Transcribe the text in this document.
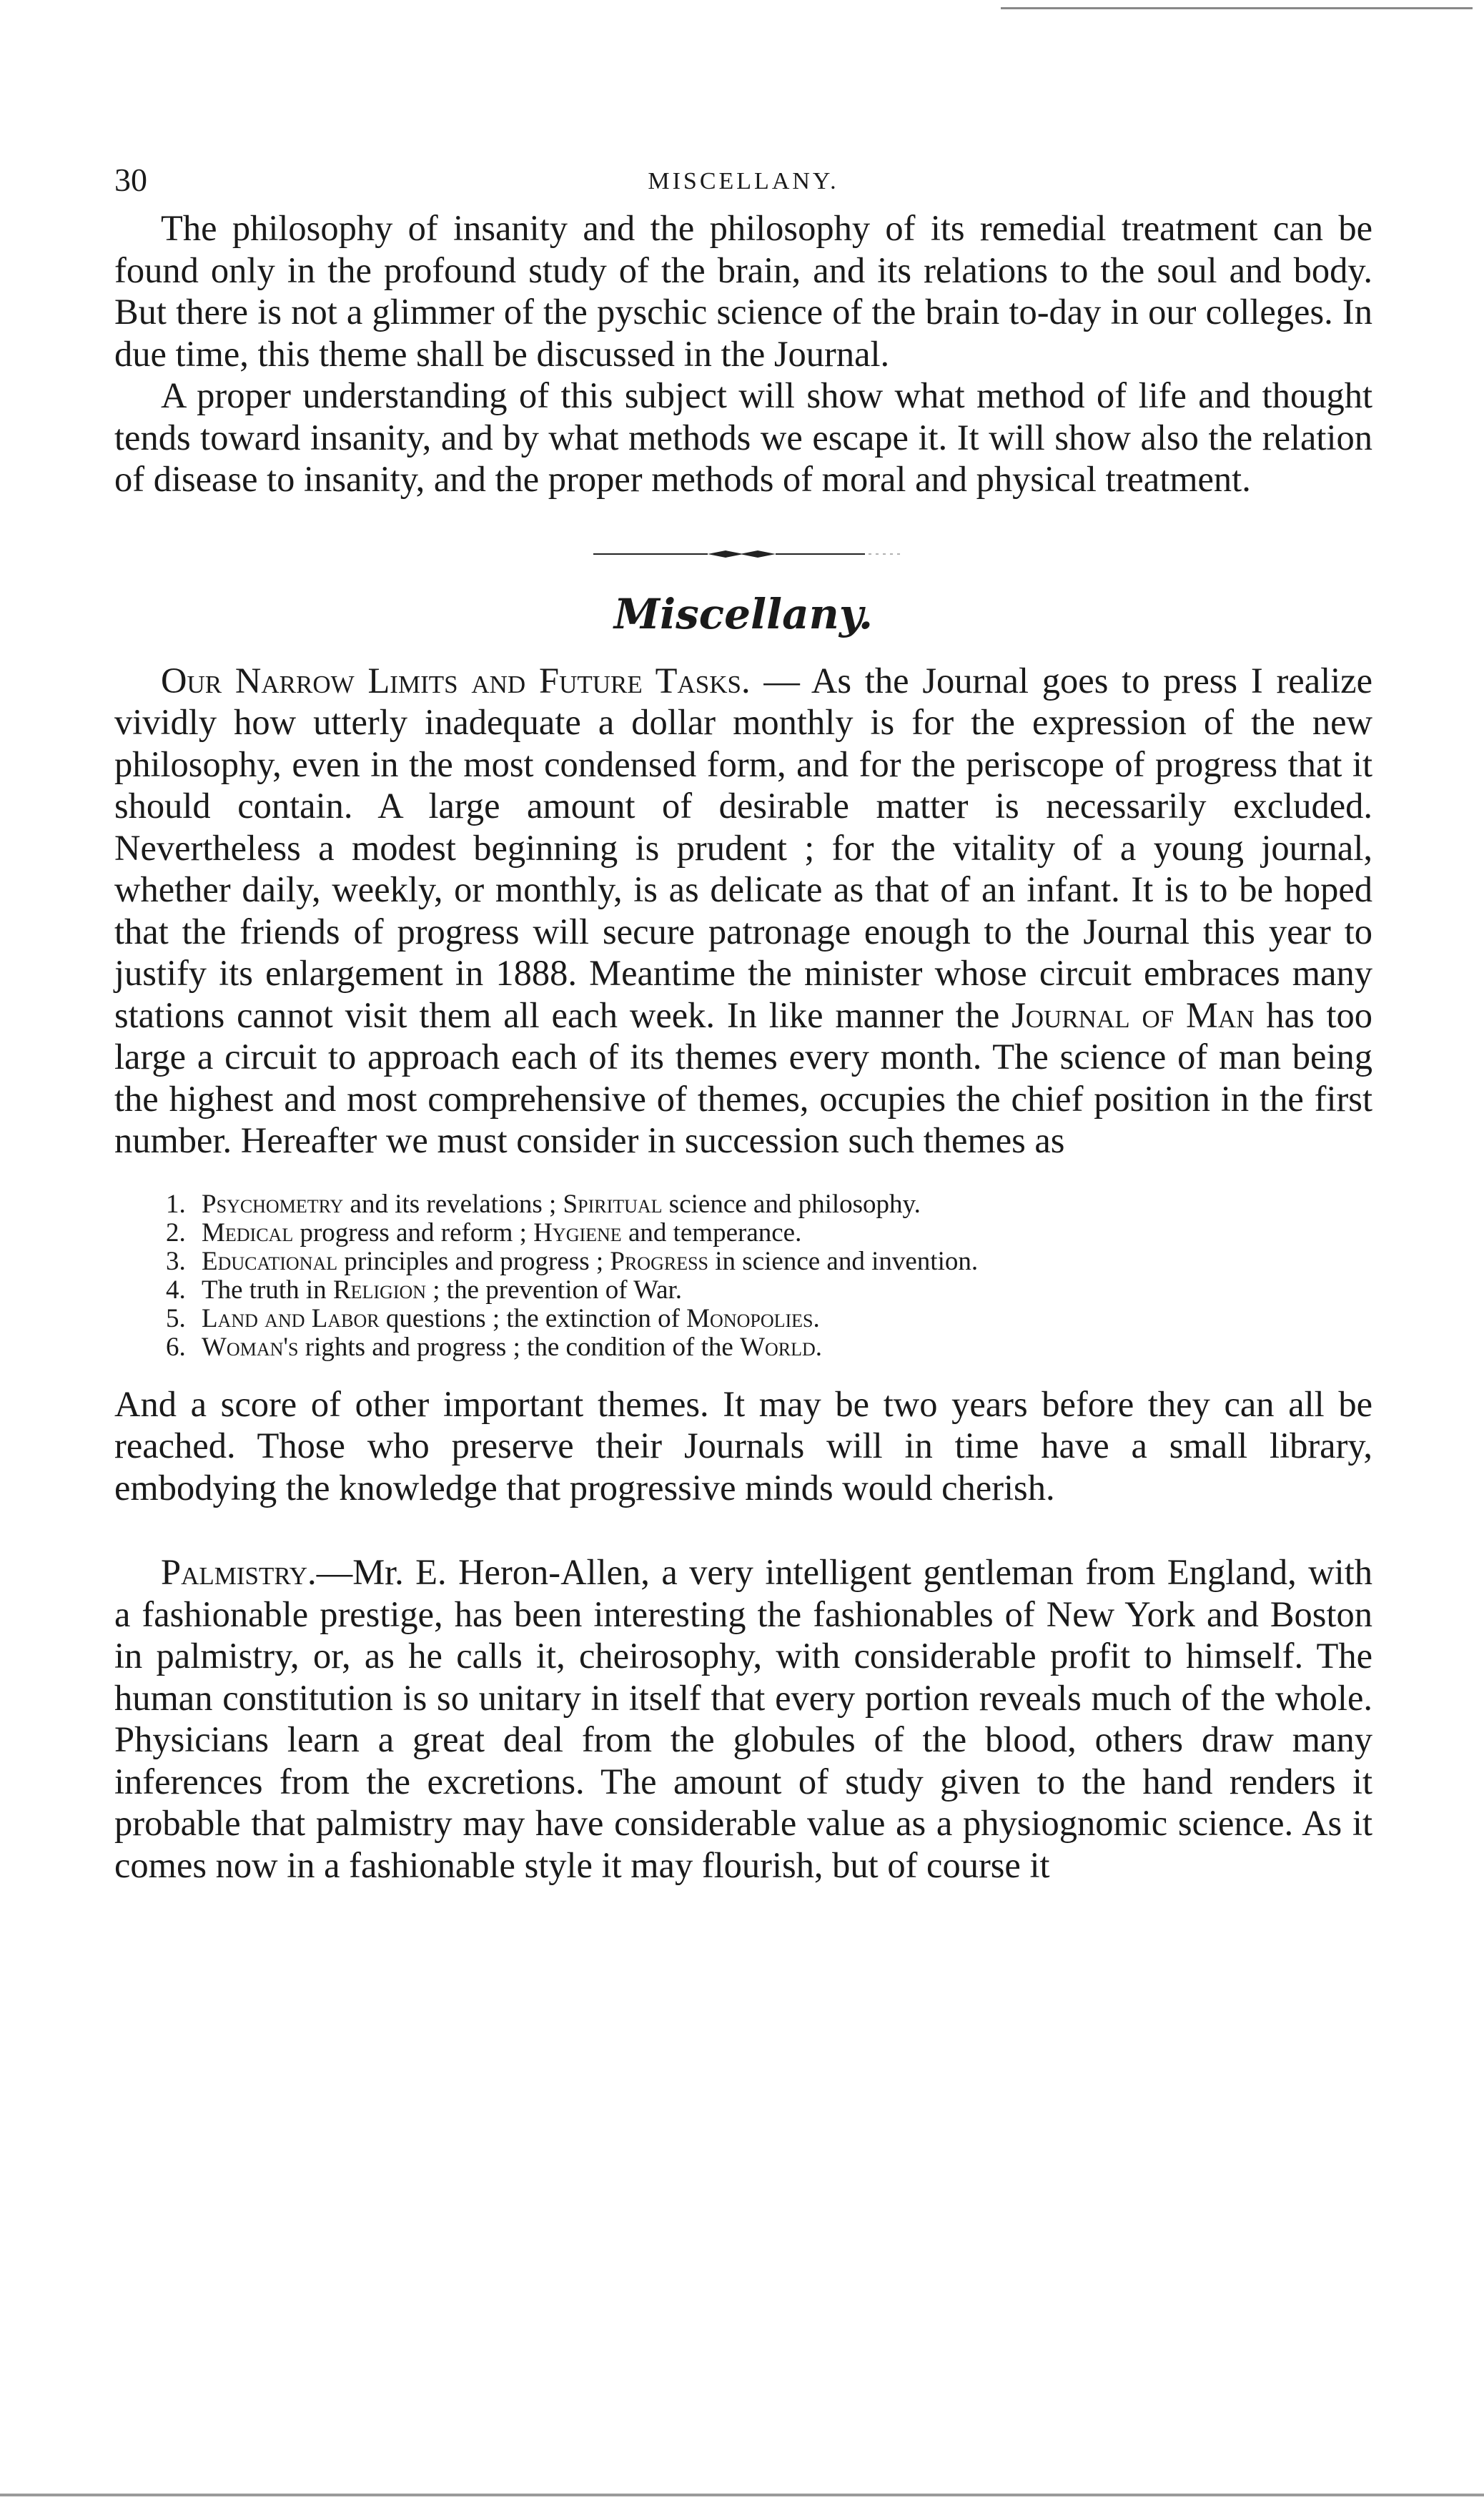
30	MISCELLANY.

The philosophy of insanity and the philosophy of its remedial treatment can be found only in the profound study of the brain, and its relations to the soul and body. But there is not a glimmer of the pyschic science of the brain to-day in our colleges. In due time, this theme shall be discussed in the Journal.

A proper understanding of this subject will show what method of life and thought tends toward insanity, and by what methods we escape it. It will show also the relation of disease to insanity, and the proper methods of moral and physical treatment.

Miscellany.

Our Narrow Limits and Future Tasks. — As the Journal goes to press I realize vividly how utterly inadequate a dollar monthly is for the expression of the new philosophy, even in the most condensed form, and for the periscope of progress that it should contain. A large amount of desirable matter is necessarily excluded. Nevertheless a modest beginning is prudent ; for the vitality of a young journal, whether daily, weekly, or monthly, is as delicate as that of an infant. It is to be hoped that the friends of progress will secure patronage enough to the Journal this year to justify its enlargement in 1888. Meantime the minister whose circuit embraces many stations cannot visit them all each week. In like manner the Journal of Man has too large a circuit to approach each of its themes every month. The science of man being the highest and most comprehensive of themes, occupies the chief position in the first number. Hereafter we must consider in succession such themes as

1. Psychometry and its revelations ; Spiritual science and philosophy.
2. Medical progress and reform ; Hygiene and temperance.
3. Educational principles and progress ; Progress in science and invention.
4. The truth in Religion ; the prevention of War.
5. Land and Labor questions ; the extinction of Monopolies.
6. Woman's rights and progress ; the condition of the World.

And a score of other important themes. It may be two years before they can all be reached. Those who preserve their Journals will in time have a small library, embodying the knowledge that progressive minds would cherish.

Palmistry.—Mr. E. Heron-Allen, a very intelligent gentleman from England, with a fashionable prestige, has been interesting the fashionables of New York and Boston in palmistry, or, as he calls it, cheirosophy, with considerable profit to himself. The human constitution is so unitary in itself that every portion reveals much of the whole. Physicians learn a great deal from the globules of the blood, others draw many inferences from the excretions. The amount of study given to the hand renders it probable that palmistry may have considerable value as a physiognomic science. As it comes now in a fashionable style it may flourish, but of course it
